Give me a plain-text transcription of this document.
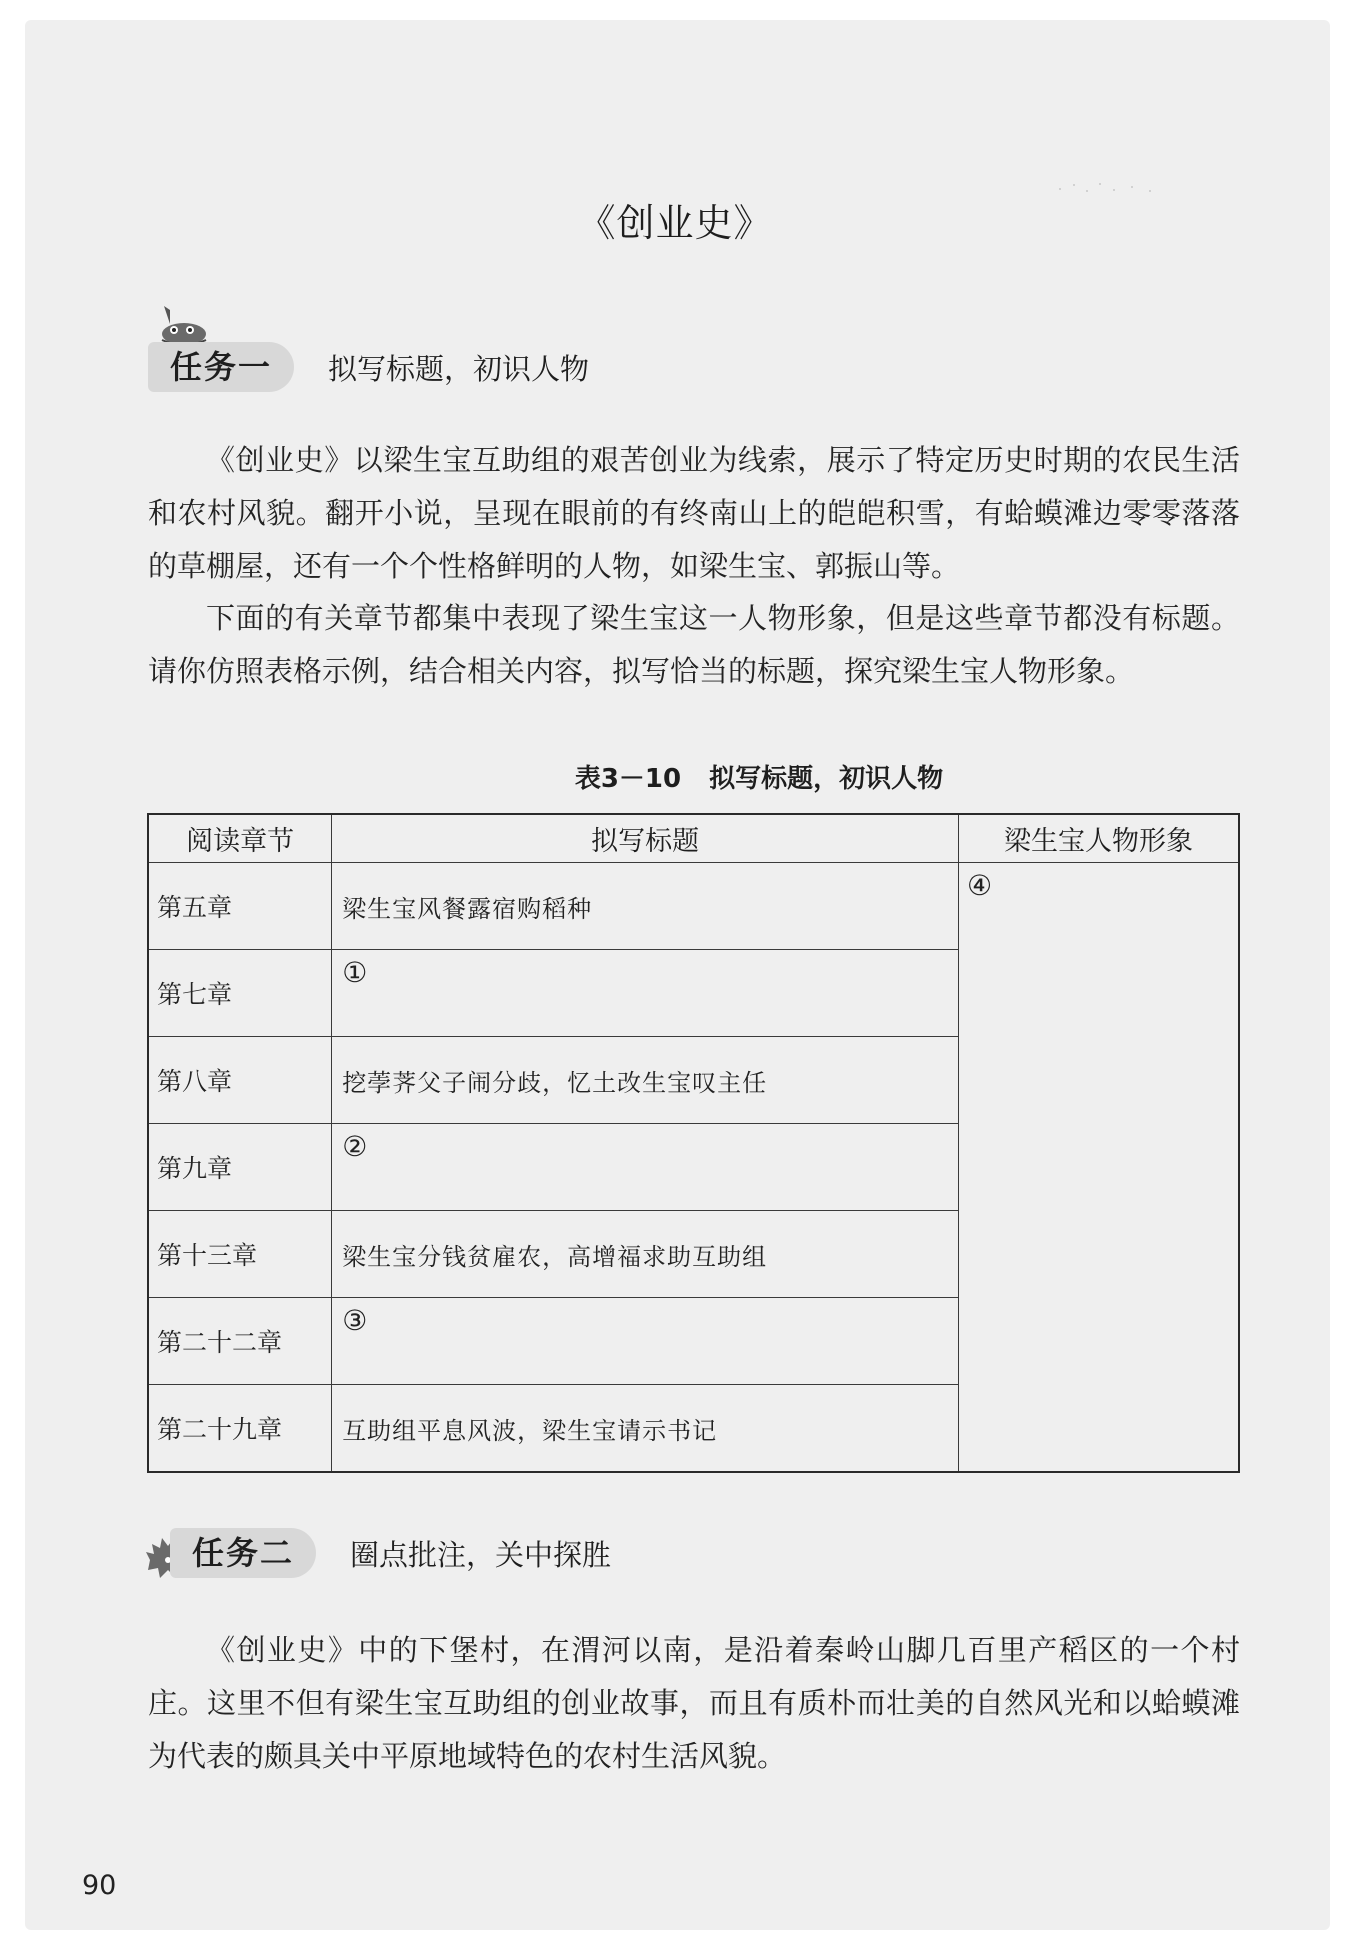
《创业史》
任务一	拟写标题，初识人物

《创业史》以梁生宝互助组的艰苦创业为线索，展示了特定历史时期的农民生活和农村风貌。翻开小说，呈现在眼前的有终南山上的皑皑积雪，有蛤蟆滩边零零落落的草棚屋，还有一个个性格鲜明的人物，如梁生宝、郭振山等。

下面的有关章节都集中表现了梁生宝这一人物形象，但是这些章节都没有标题。请你仿照表格示例，结合相关内容，拟写恰当的标题，探究梁生宝人物形象。

表3－10 拟写标题，初识人物
阅读章节	拟写标题	梁生宝人物形象
第五章	梁生宝风餐露宿购稻种	④
第七章	①	
第八章	挖荸荠父子闹分歧，忆土改生宝叹主任	
第九章	②	
第十三章	梁生宝分钱贫雇农，高增福求助互助组	
第二十二章	③	
第二十九章	互助组平息风波，梁生宝请示书记	
任务二	圈点批注，关中探胜

《创业史》中的下堡村，在渭河以南，是沿着秦岭山脚几百里产稻区的一个村庄。这里不但有梁生宝互助组的创业故事，而且有质朴而壮美的自然风光和以蛤蟆滩为代表的颇具关中平原地域特色的农村生活风貌。

90
